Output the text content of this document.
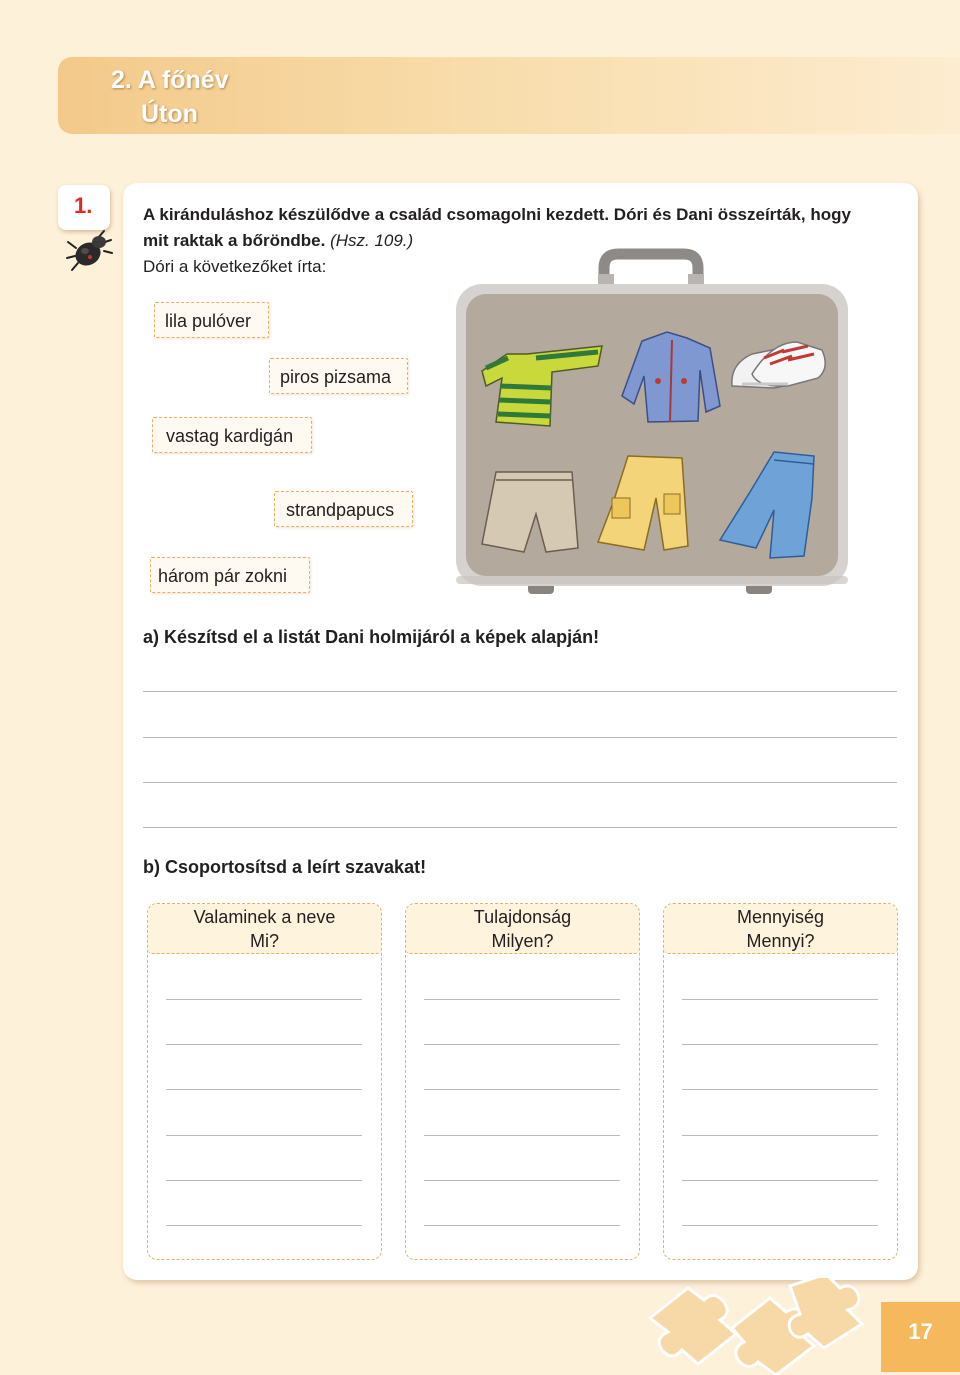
2. A főnév
Úton
1.	A kiránduláshoz készülődve a család csomagolni kezdett. Dóri és Dani összeírták, hogy
mit raktak a bőröndbe. (Hsz. 109.)
Dóri a következőket írta:
lila pulóver
piros pizsama
vastag kardigán
strandpapucs
három pár zokni
a) Készítsd el a listát Dani holmijáról a képek alapján!
b) Csoportosítsd a leírt szavakat!
Valaminek a neve
Mi?
Tulajdonság
Milyen?
Mennyiség
Mennyi?
17
